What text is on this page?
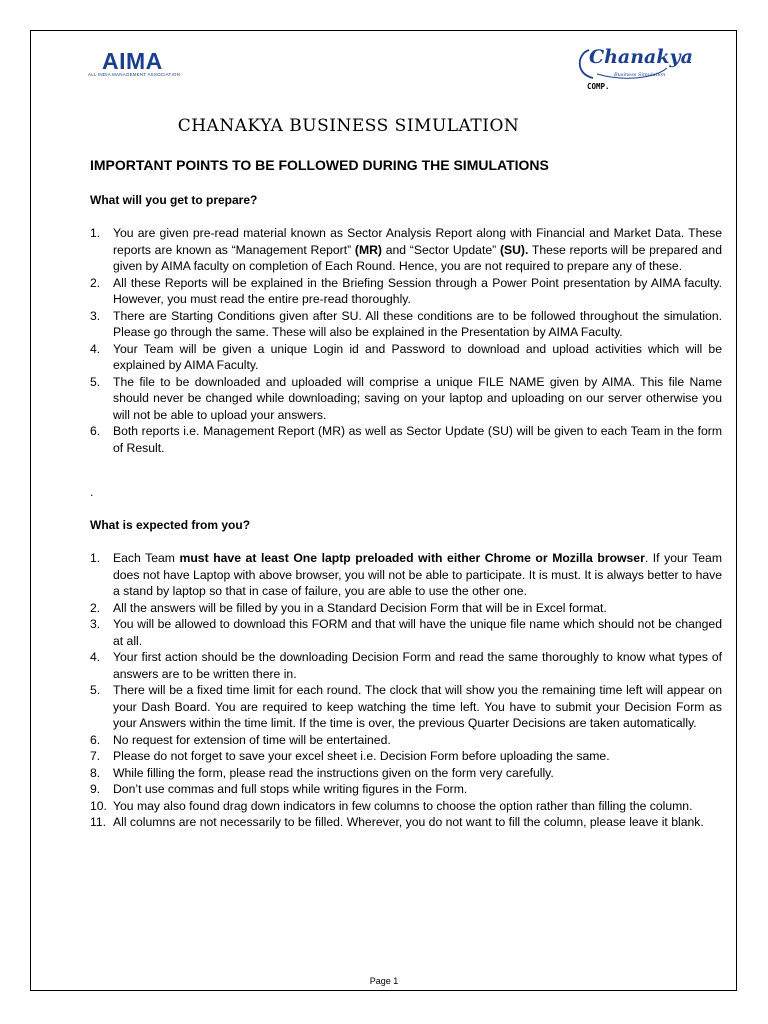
AIMA
ALL INDIA MANAGEMENT ASSOCIATION
Chanakya
Business Simulation
COMP.
CHANAKYA BUSINESS SIMULATION
IMPORTANT POINTS TO BE FOLLOWED DURING THE SIMULATIONS
What will you get to prepare?
1. You are given pre-read material known as Sector Analysis Report along with Financial and Market Data. These reports are known as “Management Report” (MR) and “Sector Update” (SU). These reports will be prepared and given by AIMA faculty on completion of Each Round. Hence, you are not required to prepare any of these.
2. All these Reports will be explained in the Briefing Session through a Power Point presentation by AIMA faculty. However, you must read the entire pre-read thoroughly.
3. There are Starting Conditions given after SU. All these conditions are to be followed throughout the simulation. Please go through the same. These will also be explained in the Presentation by AIMA Faculty.
4. Your Team will be given a unique Login id and Password to download and upload activities which will be explained by AIMA Faculty.
5. The file to be downloaded and uploaded will comprise a unique FILE NAME given by AIMA. This file Name should never be changed while downloading; saving on your laptop and uploading on our server otherwise you will not be able to upload your answers.
6. Both reports i.e. Management Report (MR) as well as Sector Update (SU) will be given to each Team in the form of Result.
.
What is expected from you?
1. Each Team must have at least One laptp preloaded with either Chrome or Mozilla browser. If your Team does not have Laptop with above browser, you will not be able to participate. It is must. It is always better to have a stand by laptop so that in case of failure, you are able to use the other one.
2. All the answers will be filled by you in a Standard Decision Form that will be in Excel format.
3. You will be allowed to download this FORM and that will have the unique file name which should not be changed at all.
4. Your first action should be the downloading Decision Form and read the same thoroughly to know what types of answers are to be written there in.
5. There will be a fixed time limit for each round. The clock that will show you the remaining time left will appear on your Dash Board. You are required to keep watching the time left. You have to submit your Decision Form as your Answers within the time limit. If the time is over, the previous Quarter Decisions are taken automatically.
6. No request for extension of time will be entertained.
7. Please do not forget to save your excel sheet i.e. Decision Form before uploading the same.
8. While filling the form, please read the instructions given on the form very carefully.
9. Don’t use commas and full stops while writing figures in the Form.
10. You may also found drag down indicators in few columns to choose the option rather than filling the column.
11. All columns are not necessarily to be filled. Wherever, you do not want to fill the column, please leave it blank.
Page 1
